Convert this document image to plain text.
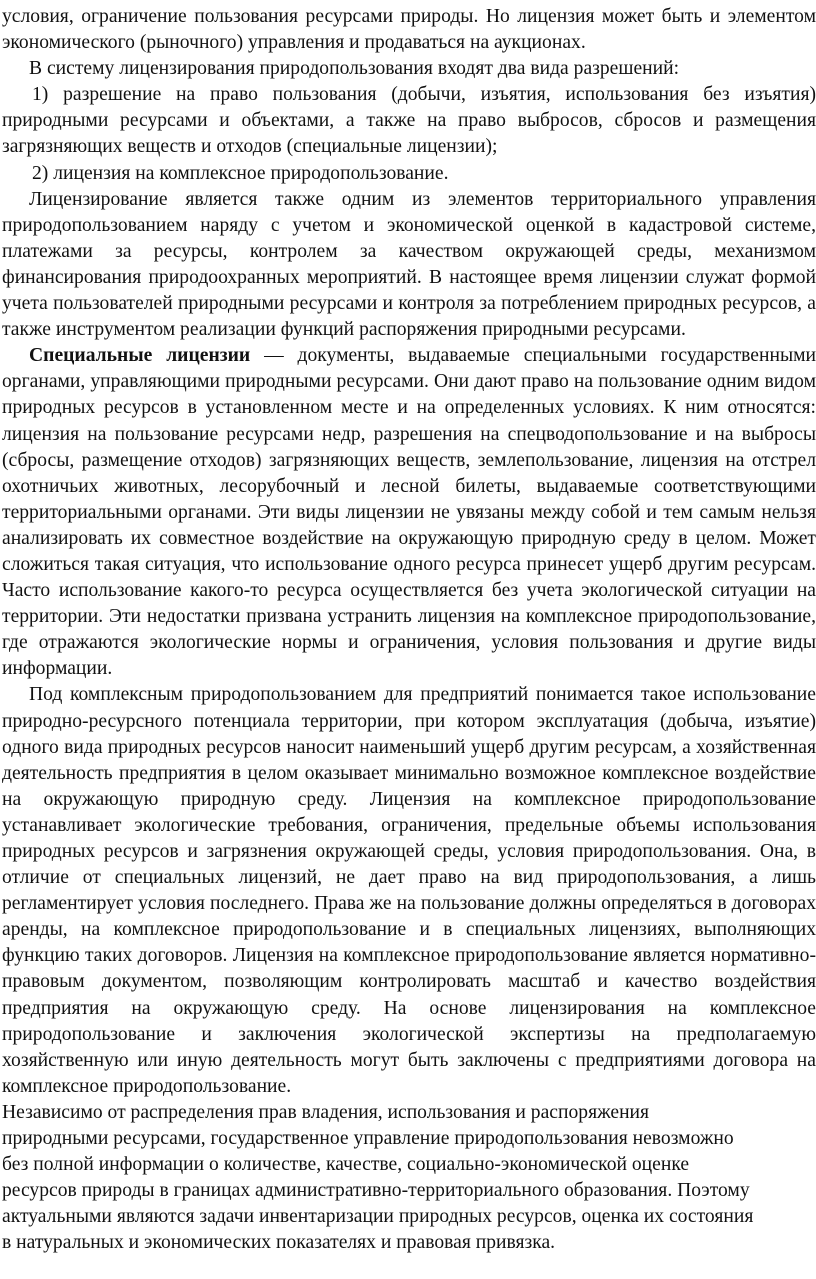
условия, ограничение пользования ресурсами природы. Но лицензия может быть и элементом экономического (рыночного) управления и продаваться на аукционах.

В систему лицензирования природопользования входят два вида разрешений:

1) разрешение на право пользования (добычи, изъятия, использования без изъятия) природными ресурсами и объектами, а также на право выбросов, сбросов и размещения загрязняющих веществ и отходов (специальные лицензии);

2) лицензия на комплексное природопользование.

Лицензирование является также одним из элементов территориального управления природопользованием наряду с учетом и экономической оценкой в кадастровой системе, платежами за ресурсы, контролем за качеством окружающей среды, механизмом финансирования природоохранных мероприятий. В настоящее время лицензии служат формой учета пользователей природными ресурсами и контроля за потреблением природных ресурсов, а также инструментом реализации функций распоряжения природными ресурсами.

Специальные лицензии — документы, выдаваемые специальными государственными органами, управляющими природными ресурсами. Они дают право на пользование одним видом природных ресурсов в установленном месте и на определенных условиях. К ним относятся: лицензия на пользование ресурсами недр, разрешения на спецводопользование и на выбросы (сбросы, размещение отходов) загрязняющих веществ, землепользование, лицензия на отстрел охотничьих животных, лесорубочный и лесной билеты, выдаваемые соответствующими территориальными органами. Эти виды лицензии не увязаны между собой и тем самым нельзя анализировать их совместное воздействие на окружающую природную среду в целом. Может сложиться такая ситуация, что использование одного ресурса принесет ущерб другим ресурсам. Часто использование какого-то ресурса осуществляется без учета экологической ситуации на территории. Эти недостатки призвана устранить лицензия на комплексное природопользование, где отражаются экологические нормы и ограничения, условия пользования и другие виды информации.

Под комплексным природопользованием для предприятий понимается такое использование природно-ресурсного потенциала территории, при котором эксплуатация (добыча, изъятие) одного вида природных ресурсов наносит наименьший ущерб другим ресурсам, а хозяйственная деятельность предприятия в целом оказывает минимально возможное комплексное воздействие на окружающую природную среду. Лицензия на комплексное природопользование устанавливает экологические требования, ограничения, предельные объемы использования природных ресурсов и загрязнения окружающей среды, условия природопользования. Она, в отличие от специальных лицензий, не дает право на вид природопользования, а лишь регламентирует условия последнего. Права же на пользование должны определяться в договорах аренды, на комплексное природопользование и в специальных лицензиях, выполняющих функцию таких договоров. Лицензия на комплексное природопользование является нормативно-правовым документом, позволяющим контролировать масштаб и качество воздействия предприятия на окружающую среду. На основе лицензирования на комплексное природопользование и заключения экологической экспертизы на предполагаемую хозяйственную или иную деятельность могут быть заключены с предприятиями договора на комплексное природопользование.

Независимо от распределения прав владения, использования и распоряжения природными ресурсами, государственное управление природопользования невозможно без полной информации о количестве, качестве, социально-экономической оценке ресурсов природы в границах административно-территориального образования. Поэтому актуальными являются задачи инвентаризации природных ресурсов, оценка их состояния в натуральных и экономических показателях и правовая привязка.
